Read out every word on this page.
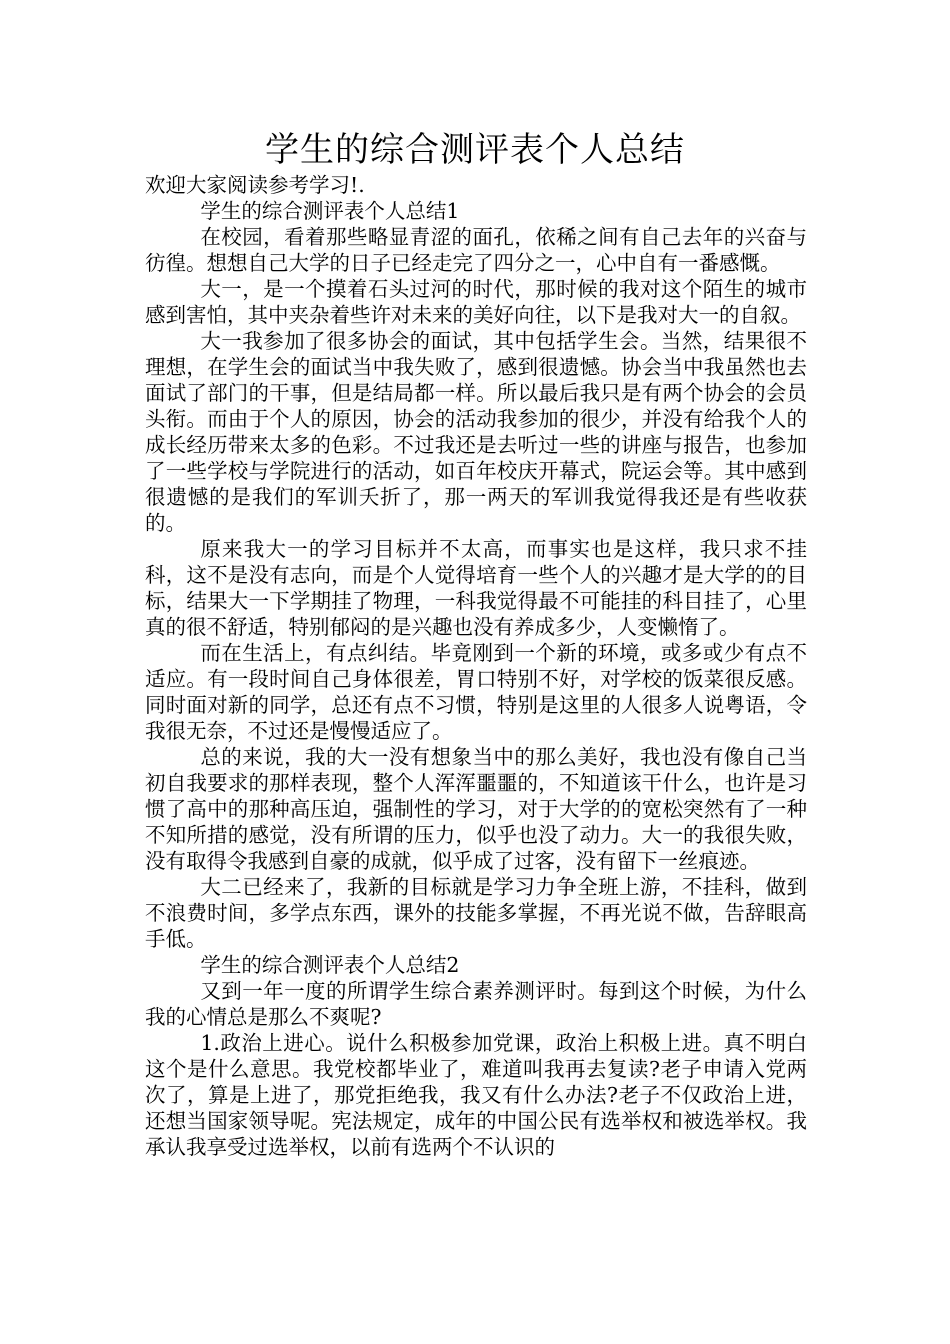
学生的综合测评表个人总结

欢迎大家阅读参考学习!.

学生的综合测评表个人总结1

在校园，看着那些略显青涩的面孔，依稀之间有自己去年的兴奋与彷徨。想想自己大学的日子已经走完了四分之一，心中自有一番感慨。

大一，是一个摸着石头过河的时代，那时候的我对这个陌生的城市感到害怕，其中夹杂着些许对未来的美好向往，以下是我对大一的自叙。

大一我参加了很多协会的面试，其中包括学生会。当然，结果很不理想，在学生会的面试当中我失败了，感到很遗憾。协会当中我虽然也去面试了部门的干事，但是结局都一样。所以最后我只是有两个协会的会员头衔。而由于个人的原因，协会的活动我参加的很少，并没有给我个人的成长经历带来太多的色彩。不过我还是去听过一些的讲座与报告，也参加了一些学校与学院进行的活动，如百年校庆开幕式，院运会等。其中感到很遗憾的是我们的军训夭折了，那一两天的军训我觉得我还是有些收获的。

原来我大一的学习目标并不太高，而事实也是这样，我只求不挂科，这不是没有志向，而是个人觉得培育一些个人的兴趣才是大学的的目标，结果大一下学期挂了物理，一科我觉得最不可能挂的科目挂了，心里真的很不舒适，特别郁闷的是兴趣也没有养成多少，人变懒惰了。

而在生活上，有点纠结。毕竟刚到一个新的环境，或多或少有点不适应。有一段时间自己身体很差，胃口特别不好，对学校的饭菜很反感。同时面对新的同学，总还有点不习惯，特别是这里的人很多人说粤语，令我很无奈，不过还是慢慢适应了。

总的来说，我的大一没有想象当中的那么美好，我也没有像自己当初自我要求的那样表现，整个人浑浑噩噩的，不知道该干什么，也许是习惯了高中的那种高压迫，强制性的学习，对于大学的的宽松突然有了一种不知所措的感觉，没有所谓的压力，似乎也没了动力。大一的我很失败，没有取得令我感到自豪的成就，似乎成了过客，没有留下一丝痕迹。

大二已经来了，我新的目标就是学习力争全班上游，不挂科，做到不浪费时间，多学点东西，课外的技能多掌握，不再光说不做，告辞眼高手低。

学生的综合测评表个人总结2

又到一年一度的所谓学生综合素养测评时。每到这个时候，为什么我的心情总是那么不爽呢?

1.政治上进心。说什么积极参加党课，政治上积极上进。真不明白这个是什么意思。我党校都毕业了，难道叫我再去复读?老子申请入党两次了，算是上进了，那党拒绝我，我又有什么办法?老子不仅政治上进，还想当国家领导呢。宪法规定，成年的中国公民有选举权和被选举权。我承认我享受过选举权，以前有选两个不认识的
